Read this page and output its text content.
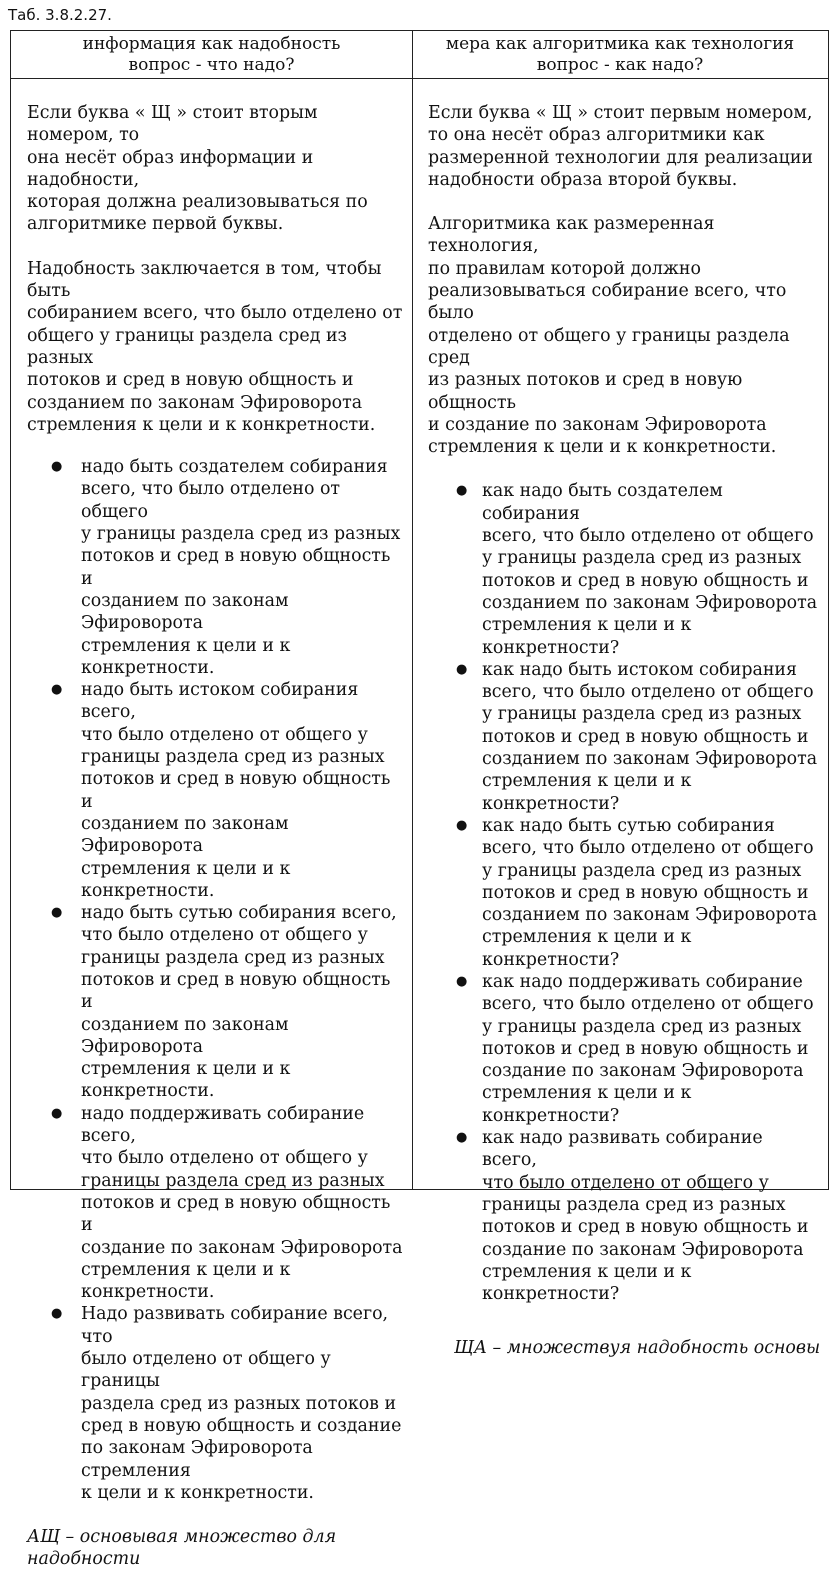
Таб. 3.8.2.27.
информация как надобность
вопрос - что надо?
мера как алгоритмика как технология
вопрос - как надо?

Если буква « Щ » стоит вторым номером, то
она несёт образ информации и надобности,
которая должна реализовываться по
алгоритмике первой буквы.

Надобность заключается в том, чтобы быть
собиранием всего, что было отделено от
общего у границы раздела сред из разных
потоков и сред в новую общность и
созданием по законам Эфироворота
стремления к цели и к конкретности.

● надо быть создателем собирания
всего, что было отделено от общего
у границы раздела сред из разных
потоков и сред в новую общность и
созданием по законам Эфироворота
стремления к цели и к конкретности.
● надо быть истоком собирания всего,
что было отделено от общего у
границы раздела сред из разных
потоков и сред в новую общность и
созданием по законам Эфироворота
стремления к цели и к конкретности.
● надо быть сутью собирания всего,
что было отделено от общего у
границы раздела сред из разных
потоков и сред в новую общность и
созданием по законам Эфироворота
стремления к цели и к конкретности.
● надо поддерживать собирание всего,
что было отделено от общего у
границы раздела сред из разных
потоков и сред в новую общность и
создание по законам Эфироворота
стремления к цели и к конкретности.
● Надо развивать собирание всего, что
было отделено от общего у границы
раздела сред из разных потоков и
сред в новую общность и создание
по законам Эфироворота стремления
к цели и к конкретности.

АЩ – основывая множество для
надобности

Если буква « Щ » стоит первым номером,
то она несёт образ алгоритмики как
размеренной технологии для реализации
надобности образа второй буквы.

Алгоритмика как размеренная технология,
по правилам которой должно
реализовываться собирание всего, что было
отделено от общего у границы раздела сред
из разных потоков и сред в новую общность
и создание по законам Эфироворота
стремления к цели и к конкретности.

● как надо быть создателем собирания
всего, что было отделено от общего
у границы раздела сред из разных
потоков и сред в новую общность и
созданием по законам Эфироворота
стремления к цели и к конкретности?
● как надо быть истоком собирания
всего, что было отделено от общего
у границы раздела сред из разных
потоков и сред в новую общность и
созданием по законам Эфироворота
стремления к цели и к конкретности?
● как надо быть сутью собирания
всего, что было отделено от общего
у границы раздела сред из разных
потоков и сред в новую общность и
созданием по законам Эфироворота
стремления к цели и к конкретности?
● как надо поддерживать собирание
всего, что было отделено от общего
у границы раздела сред из разных
потоков и сред в новую общность и
создание по законам Эфироворота
стремления к цели и к конкретности?
● как надо развивать собирание всего,
что было отделено от общего у
границы раздела сред из разных
потоков и сред в новую общность и
создание по законам Эфироворота
стремления к цели и к конкретности?

ЩА – множествуя надобность основы
